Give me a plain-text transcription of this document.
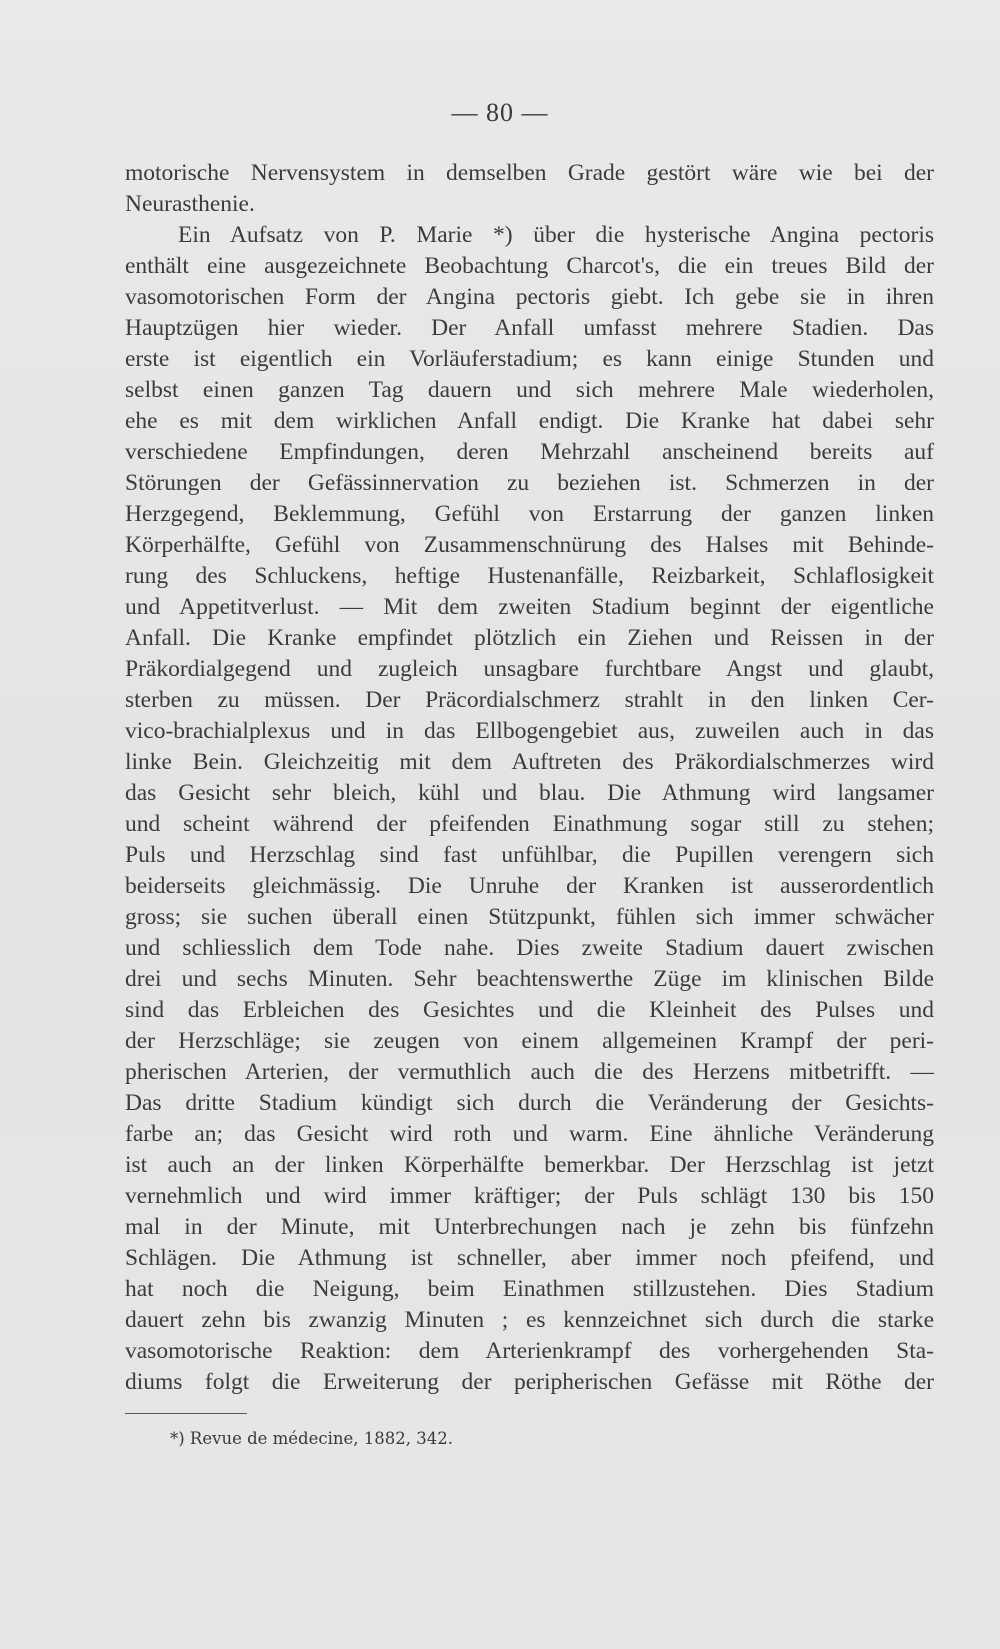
— 80 —
motorische Nervensystem in demselben Grade gestört wäre wie bei der
Neurasthenie.
Ein Aufsatz von P. Marie *) über die hysterische Angina pectoris
enthält eine ausgezeichnete Beobachtung Charcot's, die ein treues Bild der
vasomotorischen Form der Angina pectoris giebt. Ich gebe sie in ihren
Hauptzügen hier wieder. Der Anfall umfasst mehrere Stadien. Das
erste ist eigentlich ein Vorläuferstadium; es kann einige Stunden und
selbst einen ganzen Tag dauern und sich mehrere Male wiederholen,
ehe es mit dem wirklichen Anfall endigt. Die Kranke hat dabei sehr
verschiedene Empfindungen, deren Mehrzahl anscheinend bereits auf
Störungen der Gefässinnervation zu beziehen ist. Schmerzen in der
Herzgegend, Beklemmung, Gefühl von Erstarrung der ganzen linken
Körperhälfte, Gefühl von Zusammenschnürung des Halses mit Behinde-
rung des Schluckens, heftige Hustenanfälle, Reizbarkeit, Schlaflosigkeit
und Appetitverlust. — Mit dem zweiten Stadium beginnt der eigentliche
Anfall. Die Kranke empfindet plötzlich ein Ziehen und Reissen in der
Präkordialgegend und zugleich unsagbare furchtbare Angst und glaubt,
sterben zu müssen. Der Präcordialschmerz strahlt in den linken Cer-
vico-brachialplexus und in das Ellbogengebiet aus, zuweilen auch in das
linke Bein. Gleichzeitig mit dem Auftreten des Präkordialschmerzes wird
das Gesicht sehr bleich, kühl und blau. Die Athmung wird langsamer
und scheint während der pfeifenden Einathmung sogar still zu stehen;
Puls und Herzschlag sind fast unfühlbar, die Pupillen verengern sich
beiderseits gleichmässig. Die Unruhe der Kranken ist ausserordentlich
gross; sie suchen überall einen Stützpunkt, fühlen sich immer schwächer
und schliesslich dem Tode nahe. Dies zweite Stadium dauert zwischen
drei und sechs Minuten. Sehr beachtenswerthe Züge im klinischen Bilde
sind das Erbleichen des Gesichtes und die Kleinheit des Pulses und
der Herzschläge; sie zeugen von einem allgemeinen Krampf der peri-
pherischen Arterien, der vermuthlich auch die des Herzens mitbetrifft. —
Das dritte Stadium kündigt sich durch die Veränderung der Gesichts-
farbe an; das Gesicht wird roth und warm. Eine ähnliche Veränderung
ist auch an der linken Körperhälfte bemerkbar. Der Herzschlag ist jetzt
vernehmlich und wird immer kräftiger; der Puls schlägt 130 bis 150
mal in der Minute, mit Unterbrechungen nach je zehn bis fünfzehn
Schlägen. Die Athmung ist schneller, aber immer noch pfeifend, und
hat noch die Neigung, beim Einathmen stillzustehen. Dies Stadium
dauert zehn bis zwanzig Minuten ; es kennzeichnet sich durch die starke
vasomotorische Reaktion: dem Arterienkrampf des vorhergehenden Sta-
diums folgt die Erweiterung der peripherischen Gefässe mit Röthe der
*) Revue de médecine, 1882, 342.
